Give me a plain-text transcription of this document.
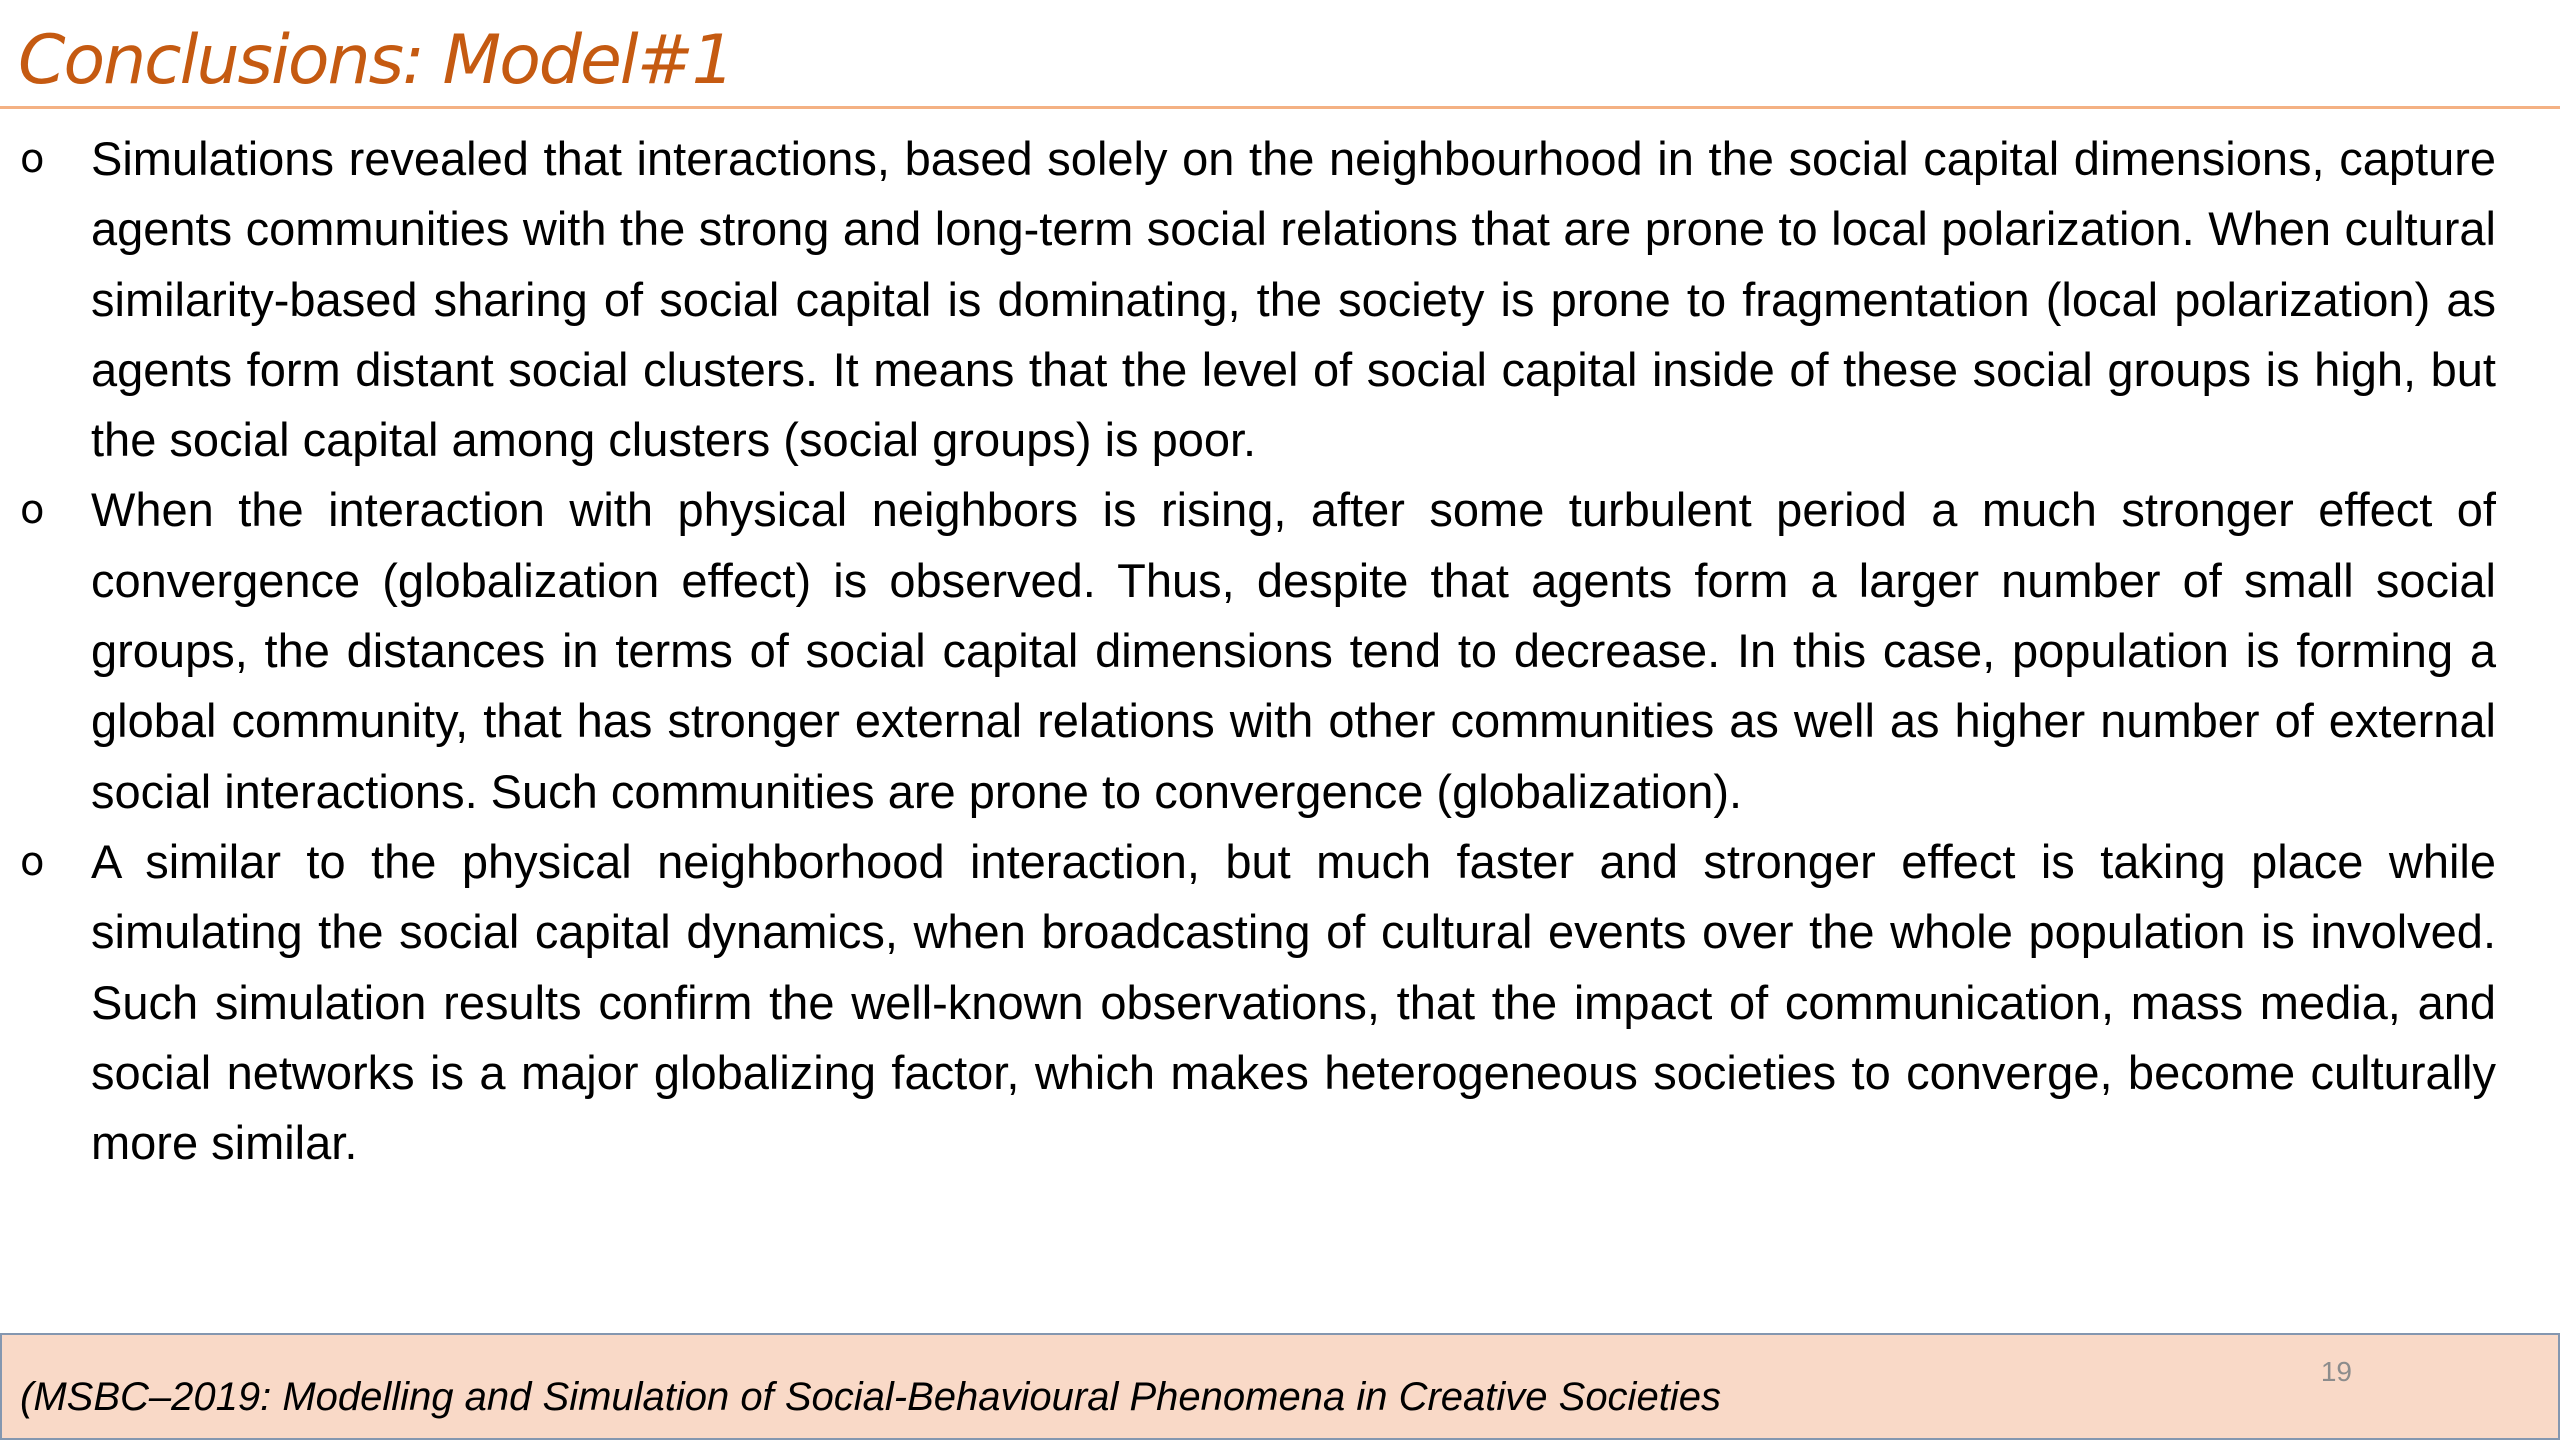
Conclusions: Model#1
o Simulations revealed that interactions, based solely on the neighbourhood in the social capital dimensions, capture agents communities with the strong and long-term social relations that are prone to local polarization. When cultural similarity-based sharing of social capital is dominating, the society is prone to fragmentation (local polarization) as agents form distant social clusters. It means that the level of social capital inside of these social groups is high, but the social capital among clusters (social groups) is poor.
o When the interaction with physical neighbors is rising, after some turbulent period a much stronger effect of convergence (globalization effect) is observed. Thus, despite that agents form a larger number of small social groups, the distances in terms of social capital dimensions tend to decrease. In this case, population is forming a global community, that has stronger external relations with other communities as well as higher number of external social interactions. Such communities are prone to convergence (globalization).
o A similar to the physical neighborhood interaction, but much faster and stronger effect is taking place while simulating the social capital dynamics, when broadcasting of cultural events over the whole population is involved. Such simulation results confirm the well-known observations, that the impact of communication, mass media, and social networks is a major globalizing factor, which makes heterogeneous societies to converge, become culturally more similar.
(MSBC–2019: Modelling and Simulation of Social-Behavioural Phenomena in Creative Societies
19
